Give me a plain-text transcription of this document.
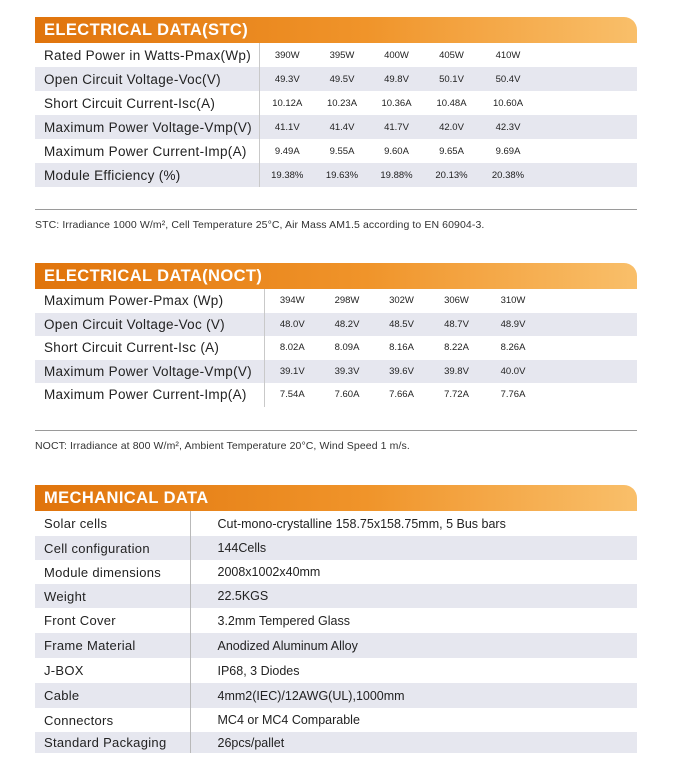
ELECTRICAL DATA(STC)
Rated Power in Watts-Pmax(Wp)	390W	395W	400W	405W	410W	
Open Circuit Voltage-Voc(V)	49.3V	49.5V	49.8V	50.1V	50.4V	
Short Circuit Current-Isc(A)	10.12A	10.23A	10.36A	10.48A	10.60A	
Maximum Power Voltage-Vmp(V)	41.1V	41.4V	41.7V	42.0V	42.3V	
Maximum Power Current-Imp(A)	9.49A	9.55A	9.60A	9.65A	9.69A	
Module Efficiency (%)	19.38%	19.63%	19.88%	20.13%	20.38%	
STC: Irradiance 1000 W/m², Cell Temperature 25°C, Air Mass AM1.5 according to EN 60904-3.
ELECTRICAL DATA(NOCT)
Maximum Power-Pmax (Wp)	394W	298W	302W	306W	310W	
Open Circuit Voltage-Voc (V)	48.0V	48.2V	48.5V	48.7V	48.9V	
Short Circuit Current-Isc (A)	8.02A	8.09A	8.16A	8.22A	8.26A	
Maximum Power Voltage-Vmp(V)	39.1V	39.3V	39.6V	39.8V	40.0V	
Maximum Power Current-Imp(A)	7.54A	7.60A	7.66A	7.72A	7.76A	
NOCT: Irradiance at 800 W/m², Ambient Temperature 20°C, Wind Speed 1 m/s.
MECHANICAL DATA
Solar cells	Cut-mono-crystalline 158.75x158.75mm, 5 Bus bars
Cell configuration	144Cells
Module dimensions	2008x1002x40mm
Weight	22.5KGS
Front Cover	3.2mm Tempered Glass
Frame Material	Anodized Aluminum Alloy
J-BOX	IP68, 3 Diodes
Cable	4mm2(IEC)/12AWG(UL),1000mm
Connectors	MC4 or MC4 Comparable
Standard Packaging	26pcs/pallet
